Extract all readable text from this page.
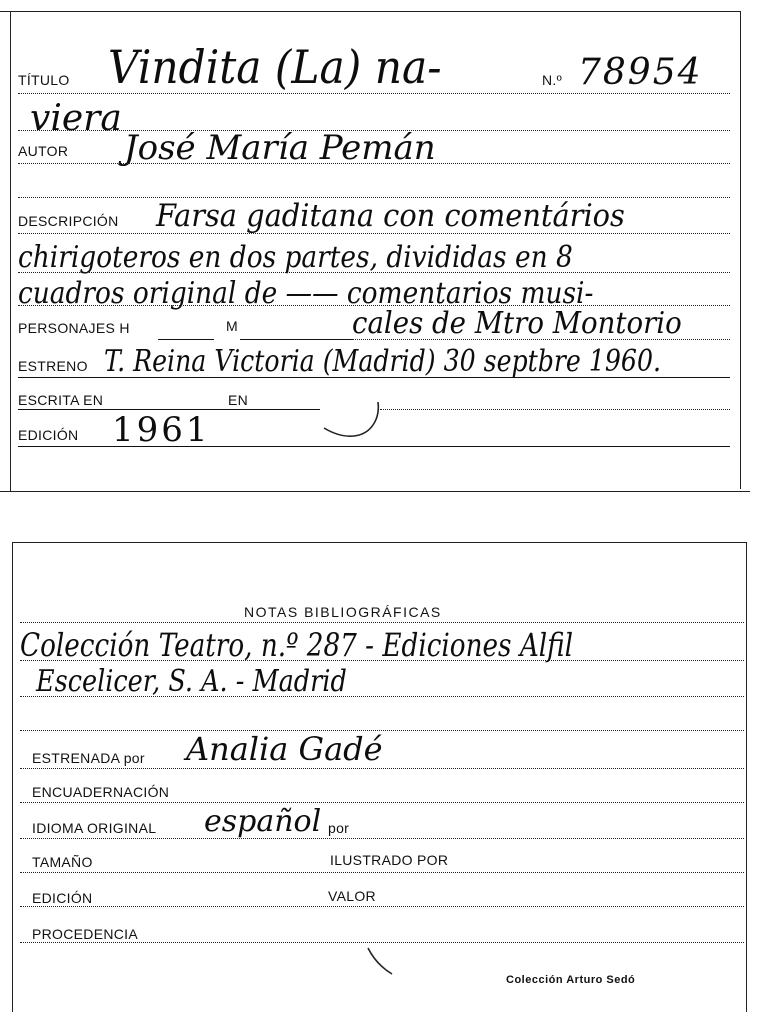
TÍTULO Vindita (La) na-	N.º 78954
viera
AUTOR José María Pemán
DESCRIPCIÓN Farsa gaditana con comentários
chirigoteros en dos partes, divididas en 8
cuadros original de —— comentarios musi-
PERSONAJES H	M	cales de Mtro Montorio
ESTRENO T. Reina Victoria (Madrid) 30 septbre 1960.
ESCRITA EN	EN
EDICIÓN 1961
NOTAS BIBLIOGRÁFICAS
Colección Teatro, n.º 287 - Ediciones Alfil
Escelicer, S. A. - Madrid
ESTRENADA por Analia Gadé
ENCUADERNACIÓN
IDIOMA ORIGINAL español por
TAMAÑO	ILUSTRADO POR
EDICIÓN	VALOR
PROCEDENCIA
Colección Arturo Sedó
